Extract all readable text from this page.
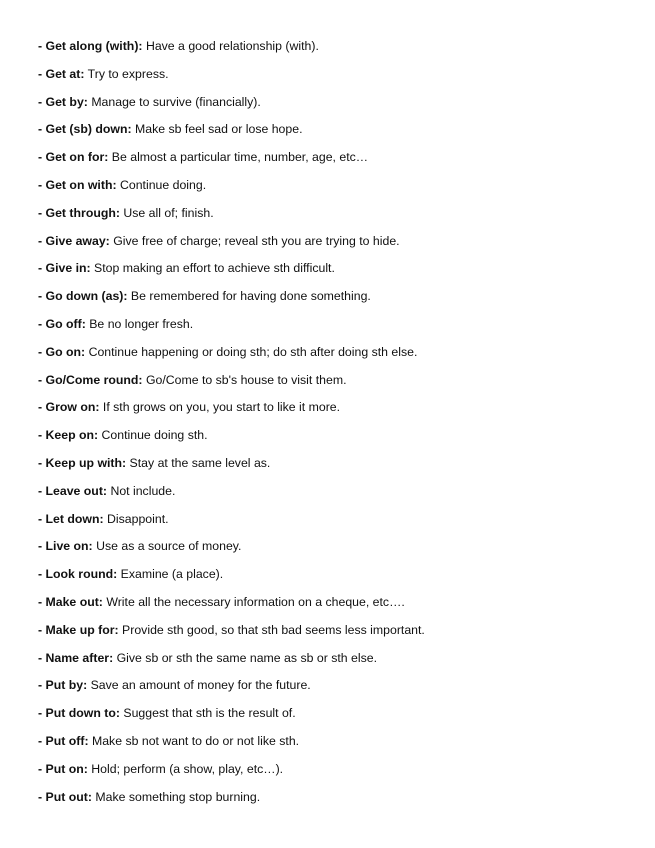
- Get along (with): Have a good relationship (with).
- Get at: Try to express.
- Get by: Manage to survive (financially).
- Get (sb) down: Make sb feel sad or lose hope.
- Get on for: Be almost a particular time, number, age, etc…
- Get on with: Continue doing.
- Get through: Use all of; finish.
- Give away: Give free of charge; reveal sth you are trying to hide.
- Give in: Stop making an effort to achieve sth difficult.
- Go down (as): Be remembered for having done something.
- Go off: Be no longer fresh.
- Go on: Continue happening or doing sth; do sth after doing sth else.
- Go/Come round: Go/Come to sb's house to visit them.
- Grow on: If sth grows on you, you start to like it more.
- Keep on: Continue doing sth.
- Keep up with: Stay at the same level as.
- Leave out: Not include.
- Let down: Disappoint.
- Live on: Use as a source of money.
- Look round: Examine (a place).
- Make out: Write all the necessary information on a cheque, etc….
- Make up for: Provide sth good, so that sth bad seems less important.
- Name after: Give sb or sth the same name as sb or sth else.
- Put by: Save an amount of money for the future.
- Put down to: Suggest that sth is the result of.
- Put off: Make sb not want to do or not like sth.
- Put on: Hold; perform (a show, play, etc…).
- Put out: Make something stop burning.
